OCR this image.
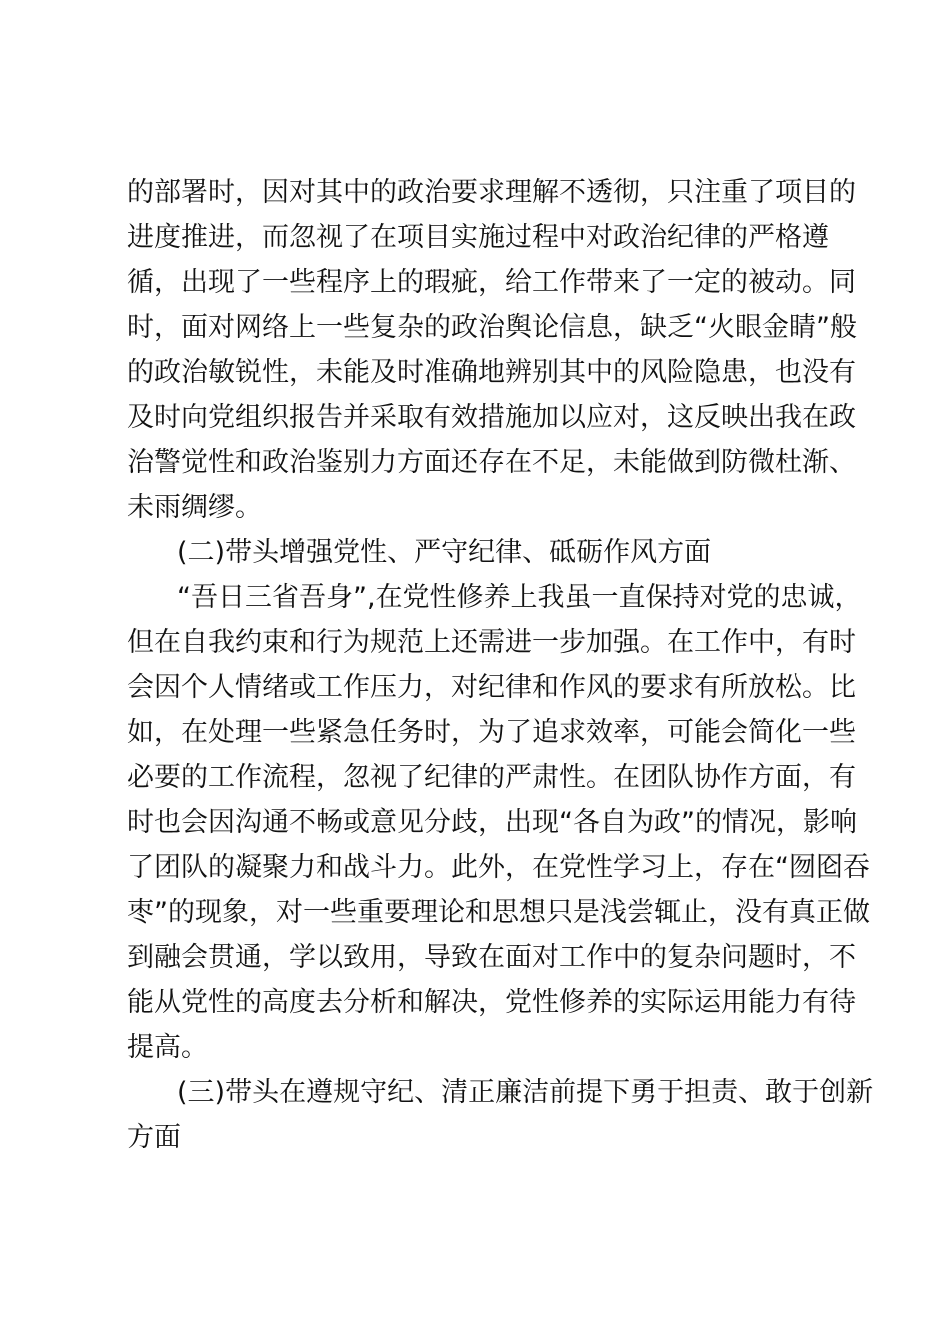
的部署时，因对其中的政治要求理解不透彻，只注重了项目的
进度推进，而忽视了在项目实施过程中对政治纪律的严格遵
循，出现了一些程序上的瑕疵，给工作带来了一定的被动。同
时，面对网络上一些复杂的政治舆论信息，缺乏“火眼金睛”般
的政治敏锐性，未能及时准确地辨别其中的风险隐患，也没有
及时向党组织报告并采取有效措施加以应对，这反映出我在政
治警觉性和政治鉴别力方面还存在不足，未能做到防微杜渐、
未雨绸缪。
(二)带头增强党性、严守纪律、砥砺作风方面
“吾日三省吾身”,在党性修养上我虽一直保持对党的忠诚，
但在自我约束和行为规范上还需进一步加强。在工作中，有时
会因个人情绪或工作压力，对纪律和作风的要求有所放松。比
如，在处理一些紧急任务时，为了追求效率，可能会简化一些
必要的工作流程，忽视了纪律的严肃性。在团队协作方面，有
时也会因沟通不畅或意见分歧，出现“各自为政”的情况，影响
了团队的凝聚力和战斗力。此外，在党性学习上，存在“囫囵吞
枣”的现象，对一些重要理论和思想只是浅尝辄止，没有真正做
到融会贯通，学以致用，导致在面对工作中的复杂问题时，不
能从党性的高度去分析和解决，党性修养的实际运用能力有待
提高。
(三)带头在遵规守纪、清正廉洁前提下勇于担责、敢于创新
方面
